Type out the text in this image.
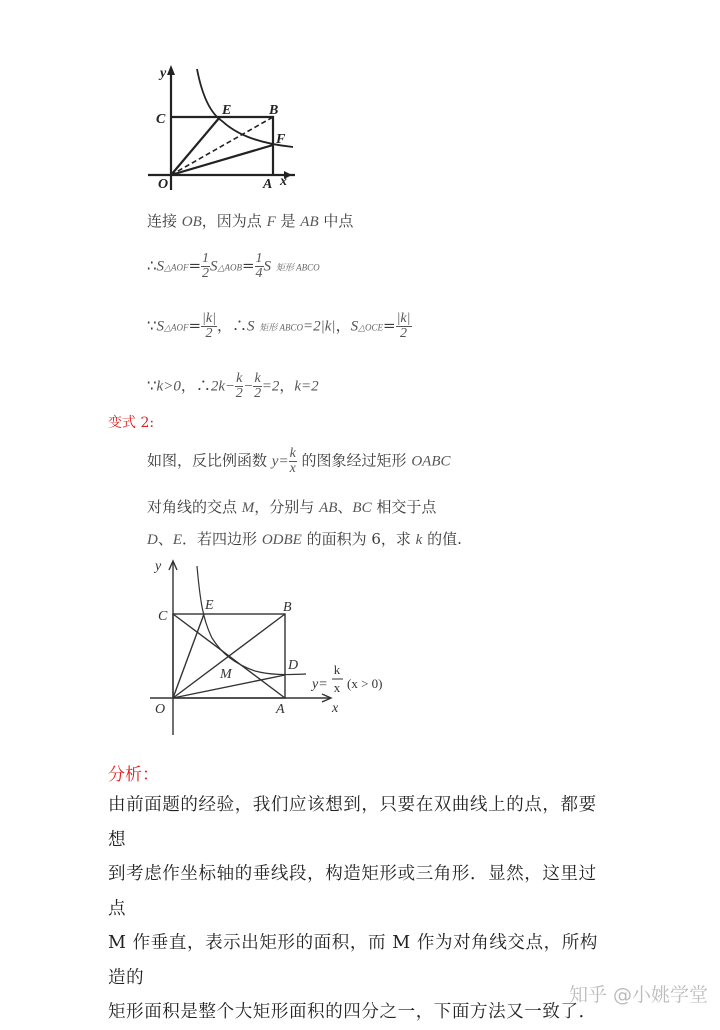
y
C
E	B
F
O	A x
连接 OB，因为点 F 是 AB 中点
∴S△AOF= $\frac{1}{2}$ S△AOB= $\frac{1}{4}$ S 矩形 ABCO
∵S△AOF= $\frac{|k|}{2}$ ，∴S 矩形 ABCO=2|k|，S△OCE= $\frac{|k|}{2}$
∵k>0，∴2k− $\frac{k}{2} - \frac{k}{2} =2$，k=2
变式 2:
如图，反比例函数 $y= \frac{k}{x}$ 的图象经过矩形 OABC
对角线的交点 M，分别与 AB、BC 相交于点
D、E．若四边形 ODBE 的面积为 6，求 k 的值.
y
C
E	B
D
M
O	A	x
y=
k
x (x > 0)
分析：
由前面题的经验，我们应该想到，只要在双曲线上的点，都要想
到考虑作坐标轴的垂线段，构造矩形或三角形．显然，这里过点
M 作垂直，表示出矩形的面积，而 M 作为对角线交点，所构造的
矩形面积是整个大矩形面积的四分之一，下面方法又一致了．
知乎 @小姚学堂
